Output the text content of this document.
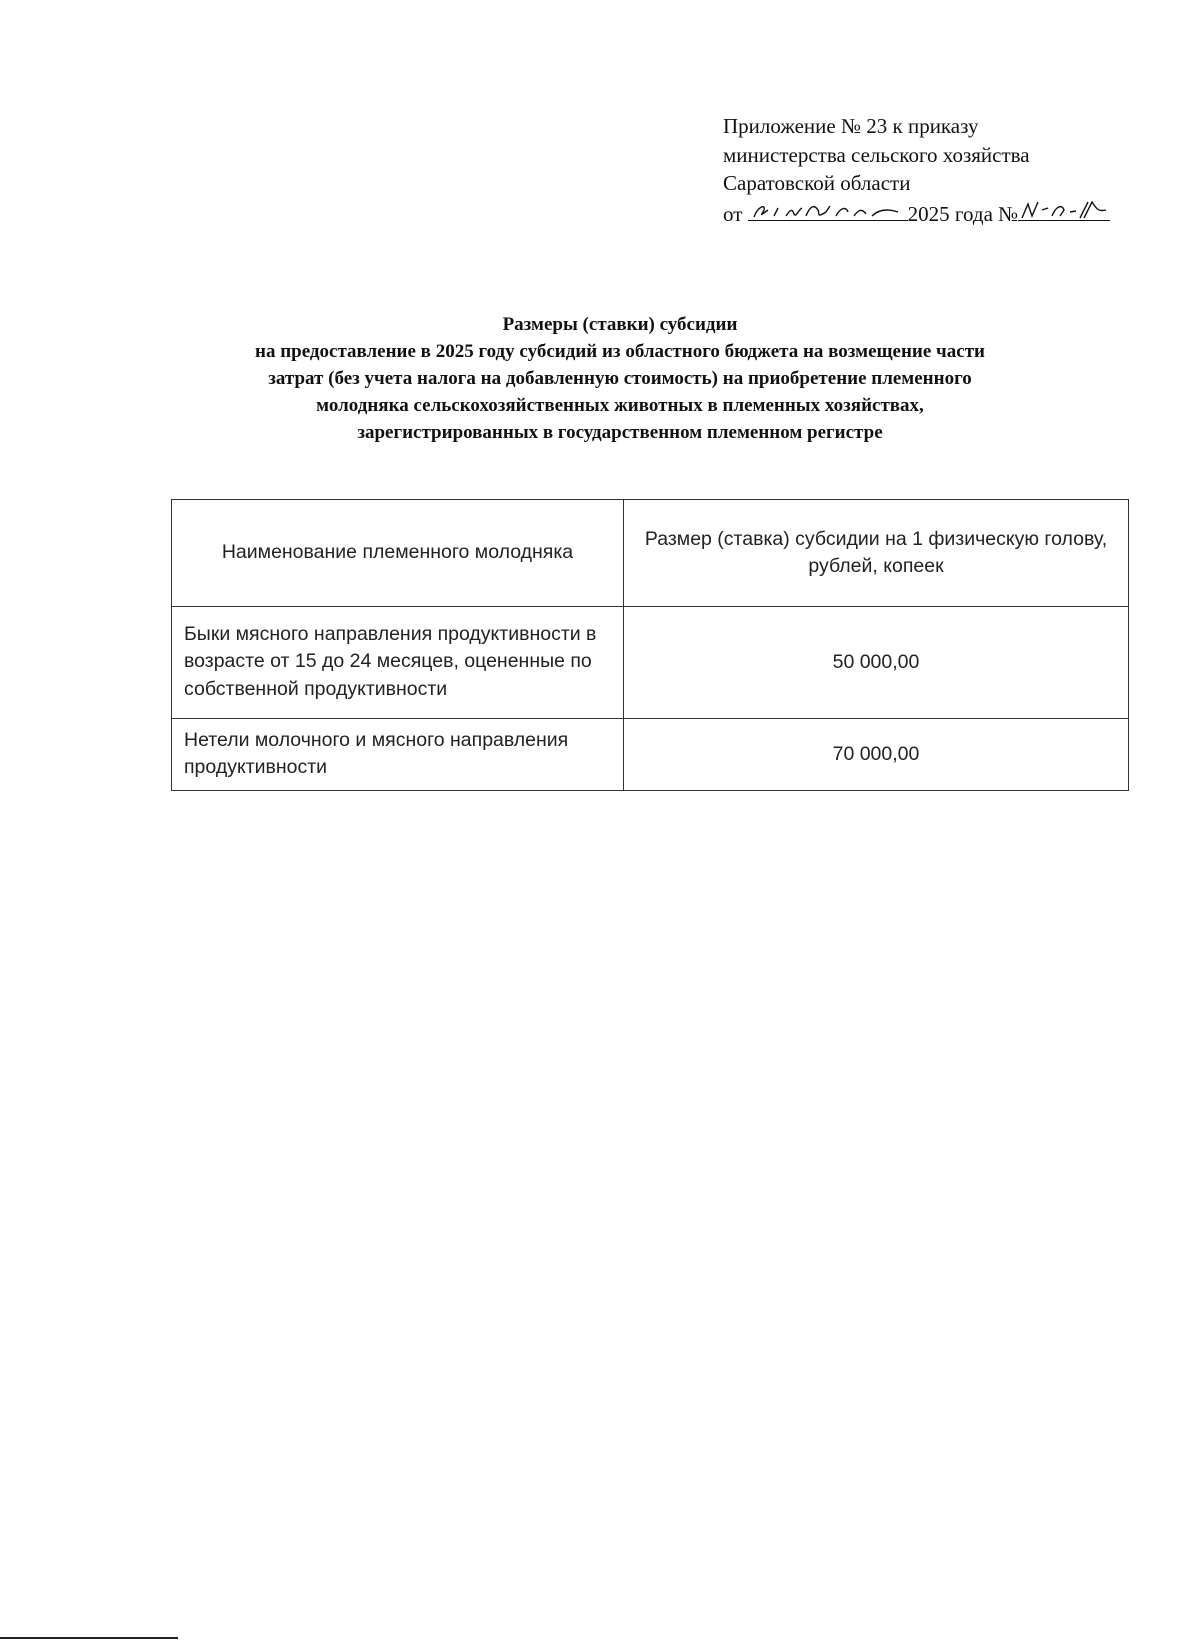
Приложение № 23 к приказу
министерства сельского хозяйства
Саратовской области
от	2025 года №
Размеры (ставки) субсидии
на предоставление в 2025 году субсидий из областного бюджета на возмещение части
затрат (без учета налога на добавленную стоимость) на приобретение племенного
молодняка сельскохозяйственных животных в племенных хозяйствах,
зарегистрированных в государственном племенном регистре
Наименование племенного молодняка	Размер (ставка) субсидии на 1 физическую голову, рублей, копеек
Быки мясного направления продуктивности в возрасте от 15 до 24 месяцев, оцененные по собственной продуктивности	50 000,00
Нетели молочного и мясного направления продуктивности	70 000,00
